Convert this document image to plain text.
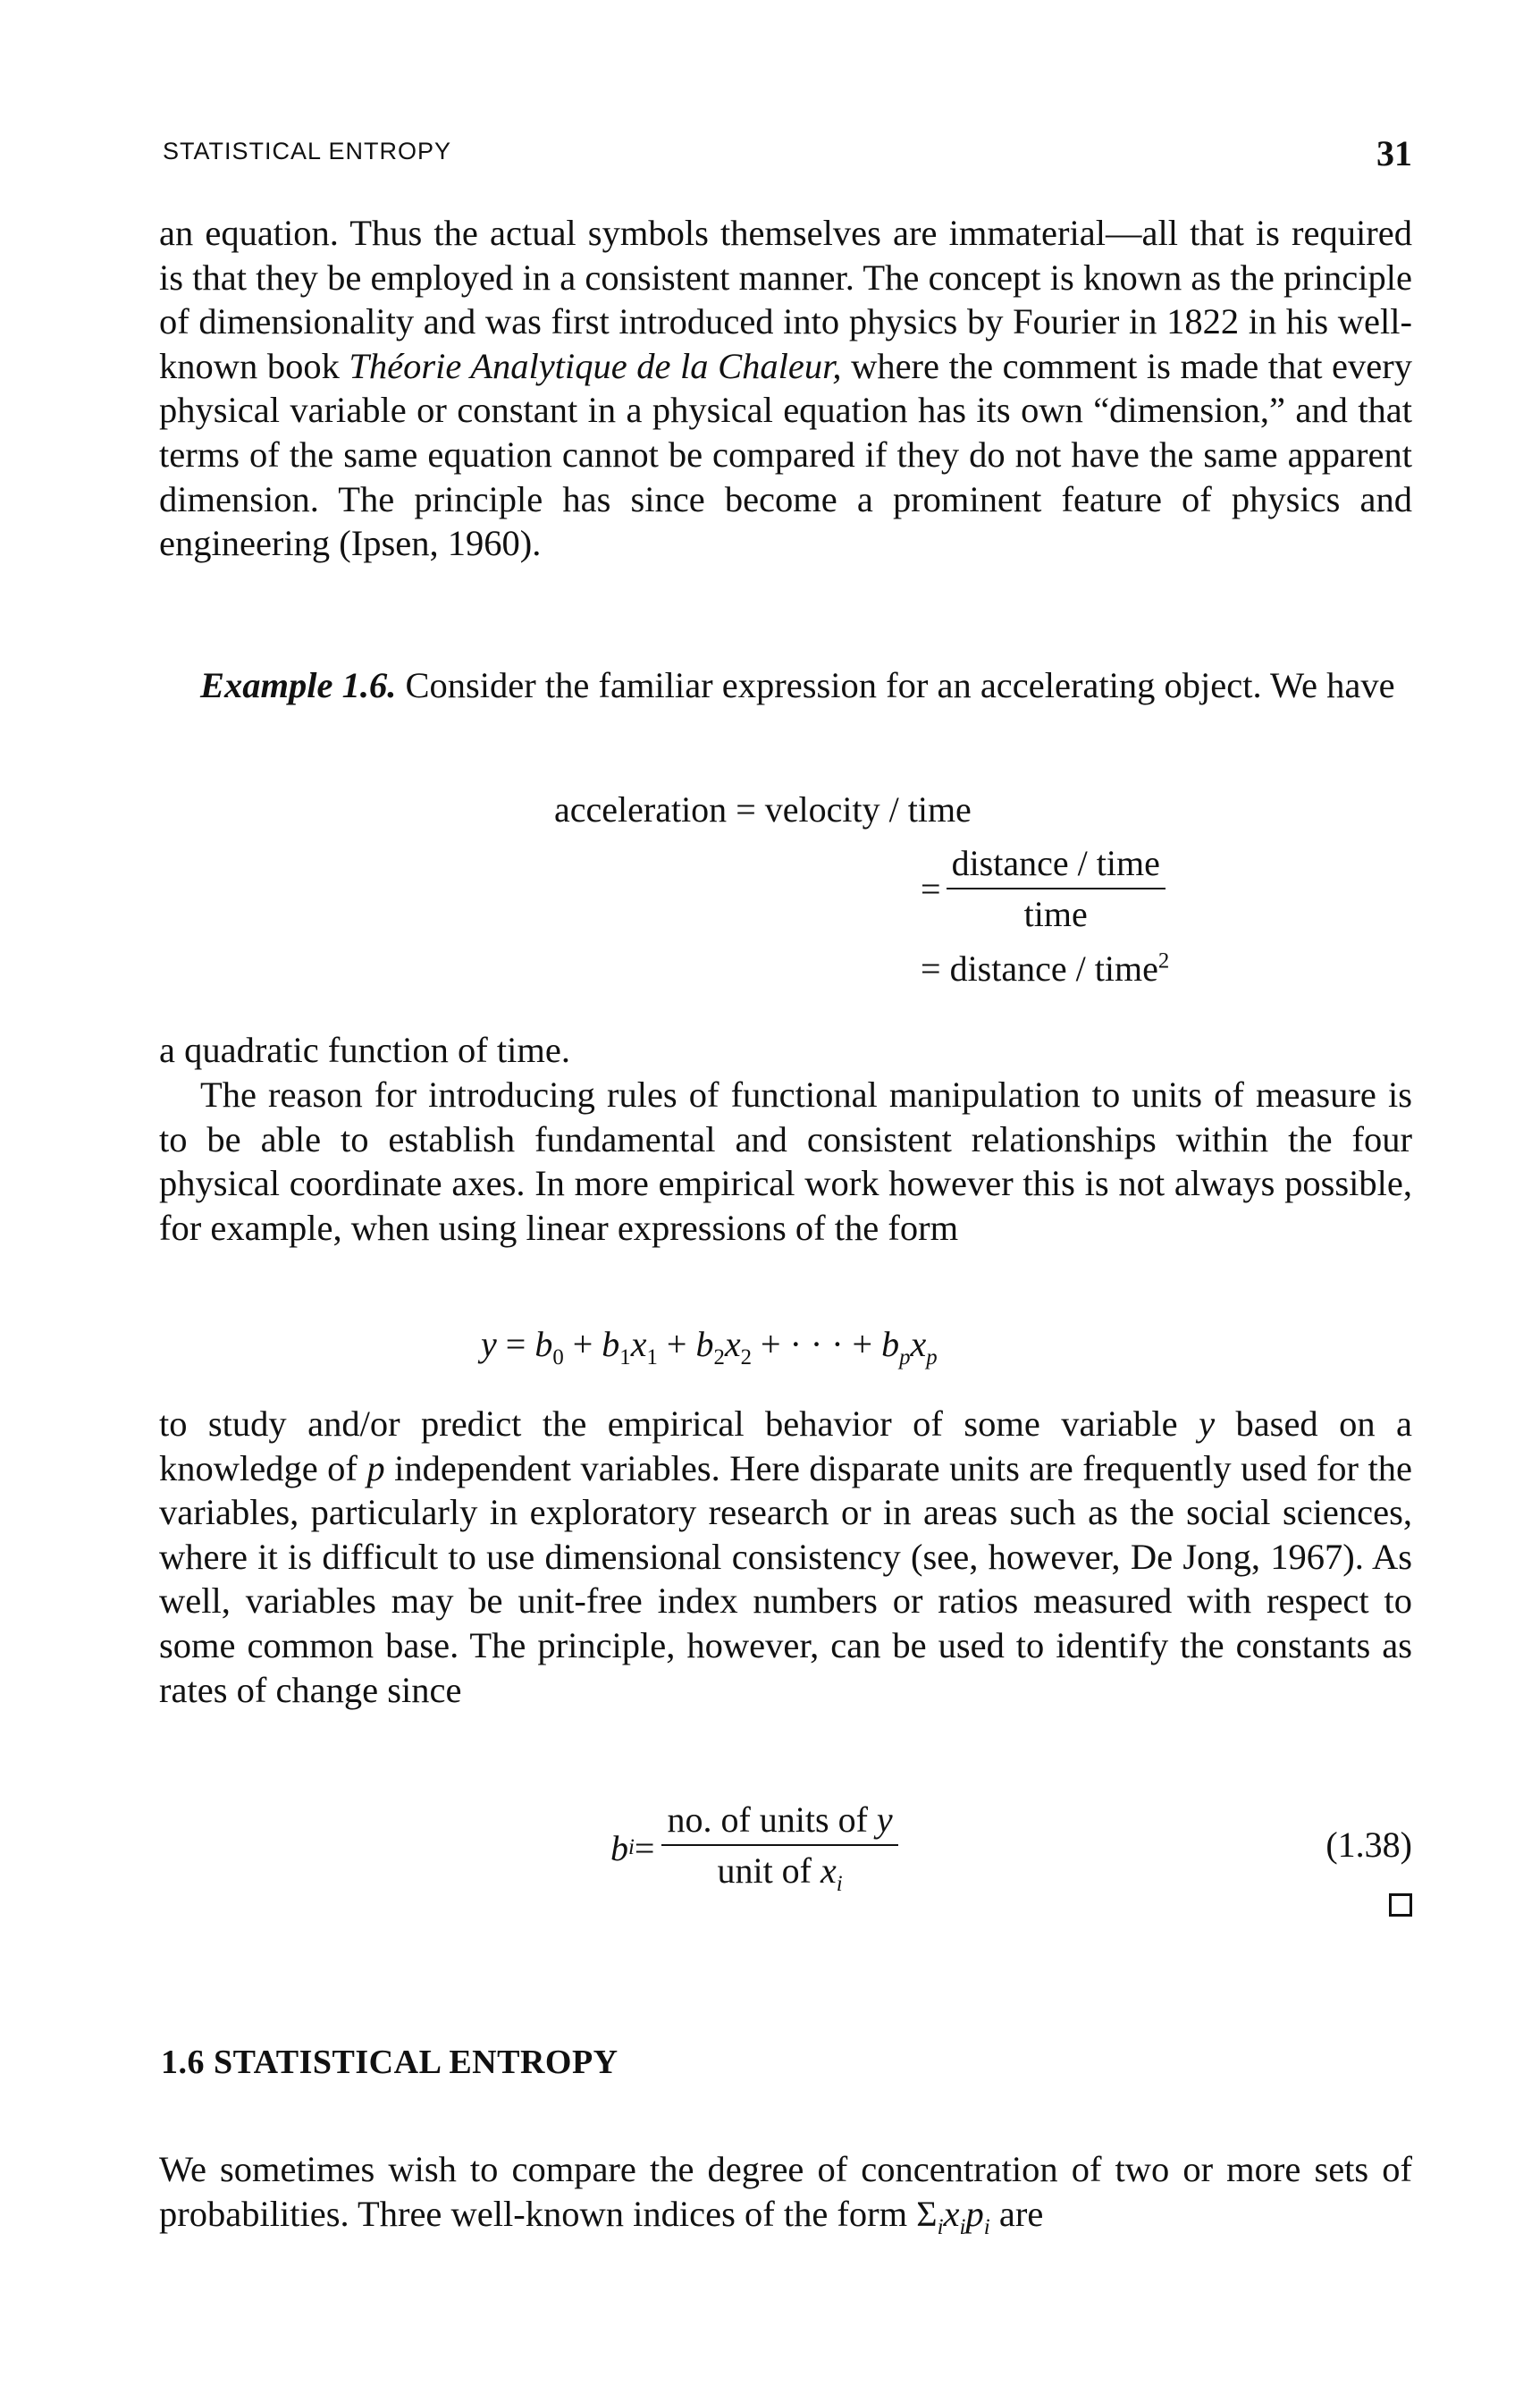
STATISTICAL ENTROPY	31

an equation. Thus the actual symbols themselves are immaterial—all that is required is that they be employed in a consistent manner. The concept is known as the principle of dimensionality and was first introduced into physics by Fourier in 1822 in his well-known book Théorie Analytique de la Chaleur, where the comment is made that every physical variable or constant in a physical equation has its own “dimension,” and that terms of the same equation cannot be compared if they do not have the same apparent dimension. The principle has since become a prominent feature of physics and engineering (Ipsen, 1960).

Example 1.6. Consider the familiar expression for an accelerating object. We have

acceleration = velocity / time
= $\frac{\text{distance / time}}{\text{time}}$
= distance / time$^2$

a quadratic function of time.

The reason for introducing rules of functional manipulation to units of measure is to be able to establish fundamental and consistent relationships within the four physical coordinate axes. In more empirical work however this is not always possible, for example, when using linear expressions of the form

$y = b_0 + b_1x_1 + b_2x_2$ + · · · + $b_px_p$

to study and/or predict the empirical behavior of some variable y based on a knowledge of p independent variables. Here disparate units are frequently used for the variables, particularly in exploratory research or in areas such as the social sciences, where it is difficult to use dimensional consistency (see, however, De Jong, 1967). As well, variables may be unit-free index numbers or ratios measured with respect to some common base. The principle, however, can be used to identify the constants as rates of change since

b $i = \frac{\text{no. of units of y}}{unit of x_i}$	(1.38)
1.6 STATISTICAL ENTROPY

We sometimes wish to compare the degree of concentration of two or more sets of probabilities. Three well-known indices of the form $\Sigma_ix_ip_i$ are
